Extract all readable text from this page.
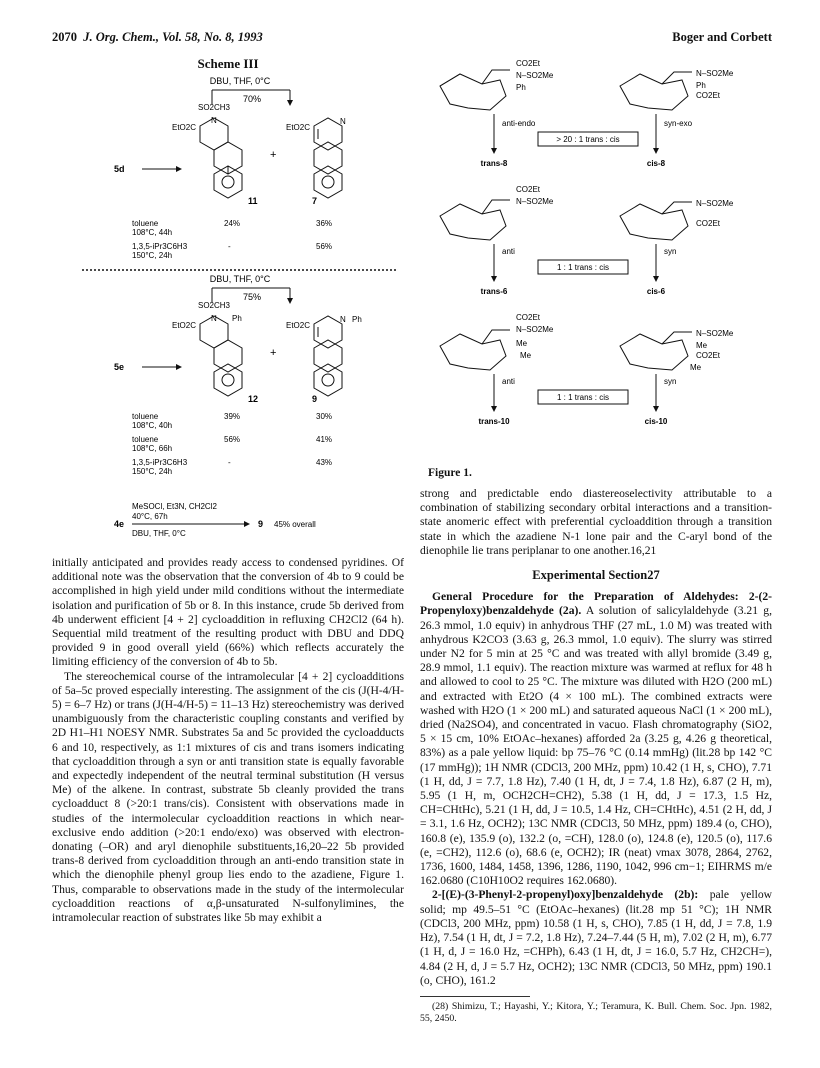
2070 J. Org. Chem., Vol. 58, No. 8, 1993	Boger and Corbett
Scheme III
DBU, THF, 0°C
70%
SO2CH3
EtO2C
N
11
+
EtO2C
N
7
5d
toluene
108°C, 44h
24%	36%
1,3,5-iPr3C6H3
150°C, 24h
-	56%
DBU, THF, 0°C
75%
SO2CH3
EtO2C
N Ph
12
+
EtO2C
N Ph
9
5e
toluene
108°C, 40h
39%	30%
toluene
108°C, 66h
56%	41%
1,3,5-iPr3C6H3
150°C, 24h
-	43%

MeSOCl, Et3N, CH2Cl2
40°C, 67h
4e
DBU, THF, 0°C
9 45% overall

initially anticipated and provides ready access to condensed pyridines. Of additional note was the observation that the conversion of 4b to 9 could be accomplished in high yield under mild conditions without the intermediate isolation and purification of 5b or 8. In this instance, crude 5b derived from 4b underwent efficient [4 + 2] cycloaddition in refluxing CH2Cl2 (64 h). Sequential mild treatment of the resulting product with DBU and DDQ provided 9 in good overall yield (66%) which reflects accurately the limiting efficiency of the conversion of 4b to 5b.

The stereochemical course of the intramolecular [4 + 2] cycloadditions of 5a–5c proved especially interesting. The assignment of the cis (J(H-4/H-5) = 6–7 Hz) or trans (J(H-4/H-5) = 11–13 Hz) stereochemistry was derived unambiguously from the characteristic coupling constants and verified by 2D H1–H1 NOESY NMR. Substrates 5a and 5c provided the cycloadducts 6 and 10, respectively, as 1:1 mixtures of cis and trans isomers indicating that cycloaddition through a syn or anti transition state is equally favorable and expectedly independent of the neutral terminal substitution (H versus Me) of the alkene. In contrast, substrate 5b cleanly provided the trans cycloadduct 8 (>20:1 trans/cis). Consistent with observations made in studies of the intermolecular cycloaddition reactions in which near-exclusive endo addition (>20:1 endo/exo) was observed with electron-donating (–OR) and aryl dienophile substituents,16,20–22 5b provided trans-8 derived from cycloaddition through an anti-endo transition state in which the dienophile phenyl group lies endo to the azadiene, Figure 1. Thus, comparable to observations made in the study of the intermolecular cycloaddition reactions of α,β-unsaturated N-sulfonylimines, the intramolecular reaction of substrates like 5b may exhibit a

CO2Et
N–SO2Me
Ph
N–SO2Me
Ph
CO2Et
anti-endo	syn-exo
> 20 : 1 trans : cis
trans-8	cis-8
CO2Et
N–SO2Me	N–SO2Me
CO2Et
anti	syn
1 : 1 trans : cis
trans-6	cis-6
CO2Et
N–SO2Me
Me
Me
N–SO2Me
Me
CO2Et
Me
anti	syn
1 : 1 trans : cis
trans-10	cis-10
Figure 1.

strong and predictable endo diastereoselectivity attributable to a combination of stabilizing secondary orbital interactions and a transition-state anomeric effect with preferential cycloaddition through a transition state in which the azadiene N-1 lone pair and the C-aryl bond of the dienophile lie trans periplanar to one another.16,21

Experimental Section27

General Procedure for the Preparation of Aldehydes: 2-(2-Propenyloxy)benzaldehyde (2a). A solution of salicylaldehyde (3.21 g, 26.3 mmol, 1.0 equiv) in anhydrous THF (27 mL, 1.0 M) was treated with anhydrous K2CO3 (3.63 g, 26.3 mmol, 1.0 equiv). The slurry was stirred under N2 for 5 min at 25 °C and was treated with allyl bromide (3.49 g, 28.9 mmol, 1.1 equiv). The reaction mixture was warmed at reflux for 48 h and allowed to cool to 25 °C. The mixture was diluted with H2O (200 mL) and extracted with Et2O (4 × 100 mL). The combined extracts were washed with H2O (1 × 200 mL) and saturated aqueous NaCl (1 × 200 mL), dried (Na2SO4), and concentrated in vacuo. Flash chromatography (SiO2, 5 × 15 cm, 10% EtOAc–hexanes) afforded 2a (3.25 g, 4.26 g theoretical, 83%) as a pale yellow liquid: bp 75–76 °C (0.14 mmHg) (lit.28 bp 142 °C (17 mmHg)); 1H NMR (CDCl3, 200 MHz, ppm) 10.42 (1 H, s, CHO), 7.71 (1 H, dd, J = 7.7, 1.8 Hz), 7.40 (1 H, dt, J = 7.4, 1.8 Hz), 6.87 (2 H, m), 5.95 (1 H, m, OCH2CH=CH2), 5.38 (1 H, dd, J = 17.3, 1.5 Hz, CH=CHtHc), 5.21 (1 H, dd, J = 10.5, 1.4 Hz, CH=CHtHc), 4.51 (2 H, dd, J = 3.1, 1.6 Hz, OCH2); 13C NMR (CDCl3, 50 MHz, ppm) 189.4 (o, CHO), 160.8 (e), 135.9 (o), 132.2 (o, =CH), 128.0 (o), 124.8 (e), 120.5 (o), 117.6 (e, =CH2), 112.6 (o), 68.6 (e, OCH2); IR (neat) νmax 3078, 2864, 2762, 1736, 1600, 1484, 1458, 1396, 1286, 1190, 1042, 996 cm−1; EIHRMS m/e 162.0680 (C10H10O2 requires 162.0680).

2-[(E)-(3-Phenyl-2-propenyl)oxy]benzaldehyde (2b): pale yellow solid; mp 49.5–51 °C (EtOAc–hexanes) (lit.28 mp 51 °C); 1H NMR (CDCl3, 200 MHz, ppm) 10.58 (1 H, s, CHO), 7.85 (1 H, dd, J = 7.8, 1.9 Hz), 7.54 (1 H, dt, J = 7.2, 1.8 Hz), 7.24–7.44 (5 H, m), 7.02 (2 H, m), 6.77 (1 H, d, J = 16.0 Hz, =CHPh), 6.43 (1 H, dt, J = 16.0, 5.7 Hz, CH2CH=), 4.84 (2 H, d, J = 5.7 Hz, OCH2); 13C NMR (CDCl3, 50 MHz, ppm) 190.1 (o, CHO), 161.2

(28) Shimizu, T.; Hayashi, Y.; Kitora, Y.; Teramura, K. Bull. Chem. Soc. Jpn. 1982, 55, 2450.
